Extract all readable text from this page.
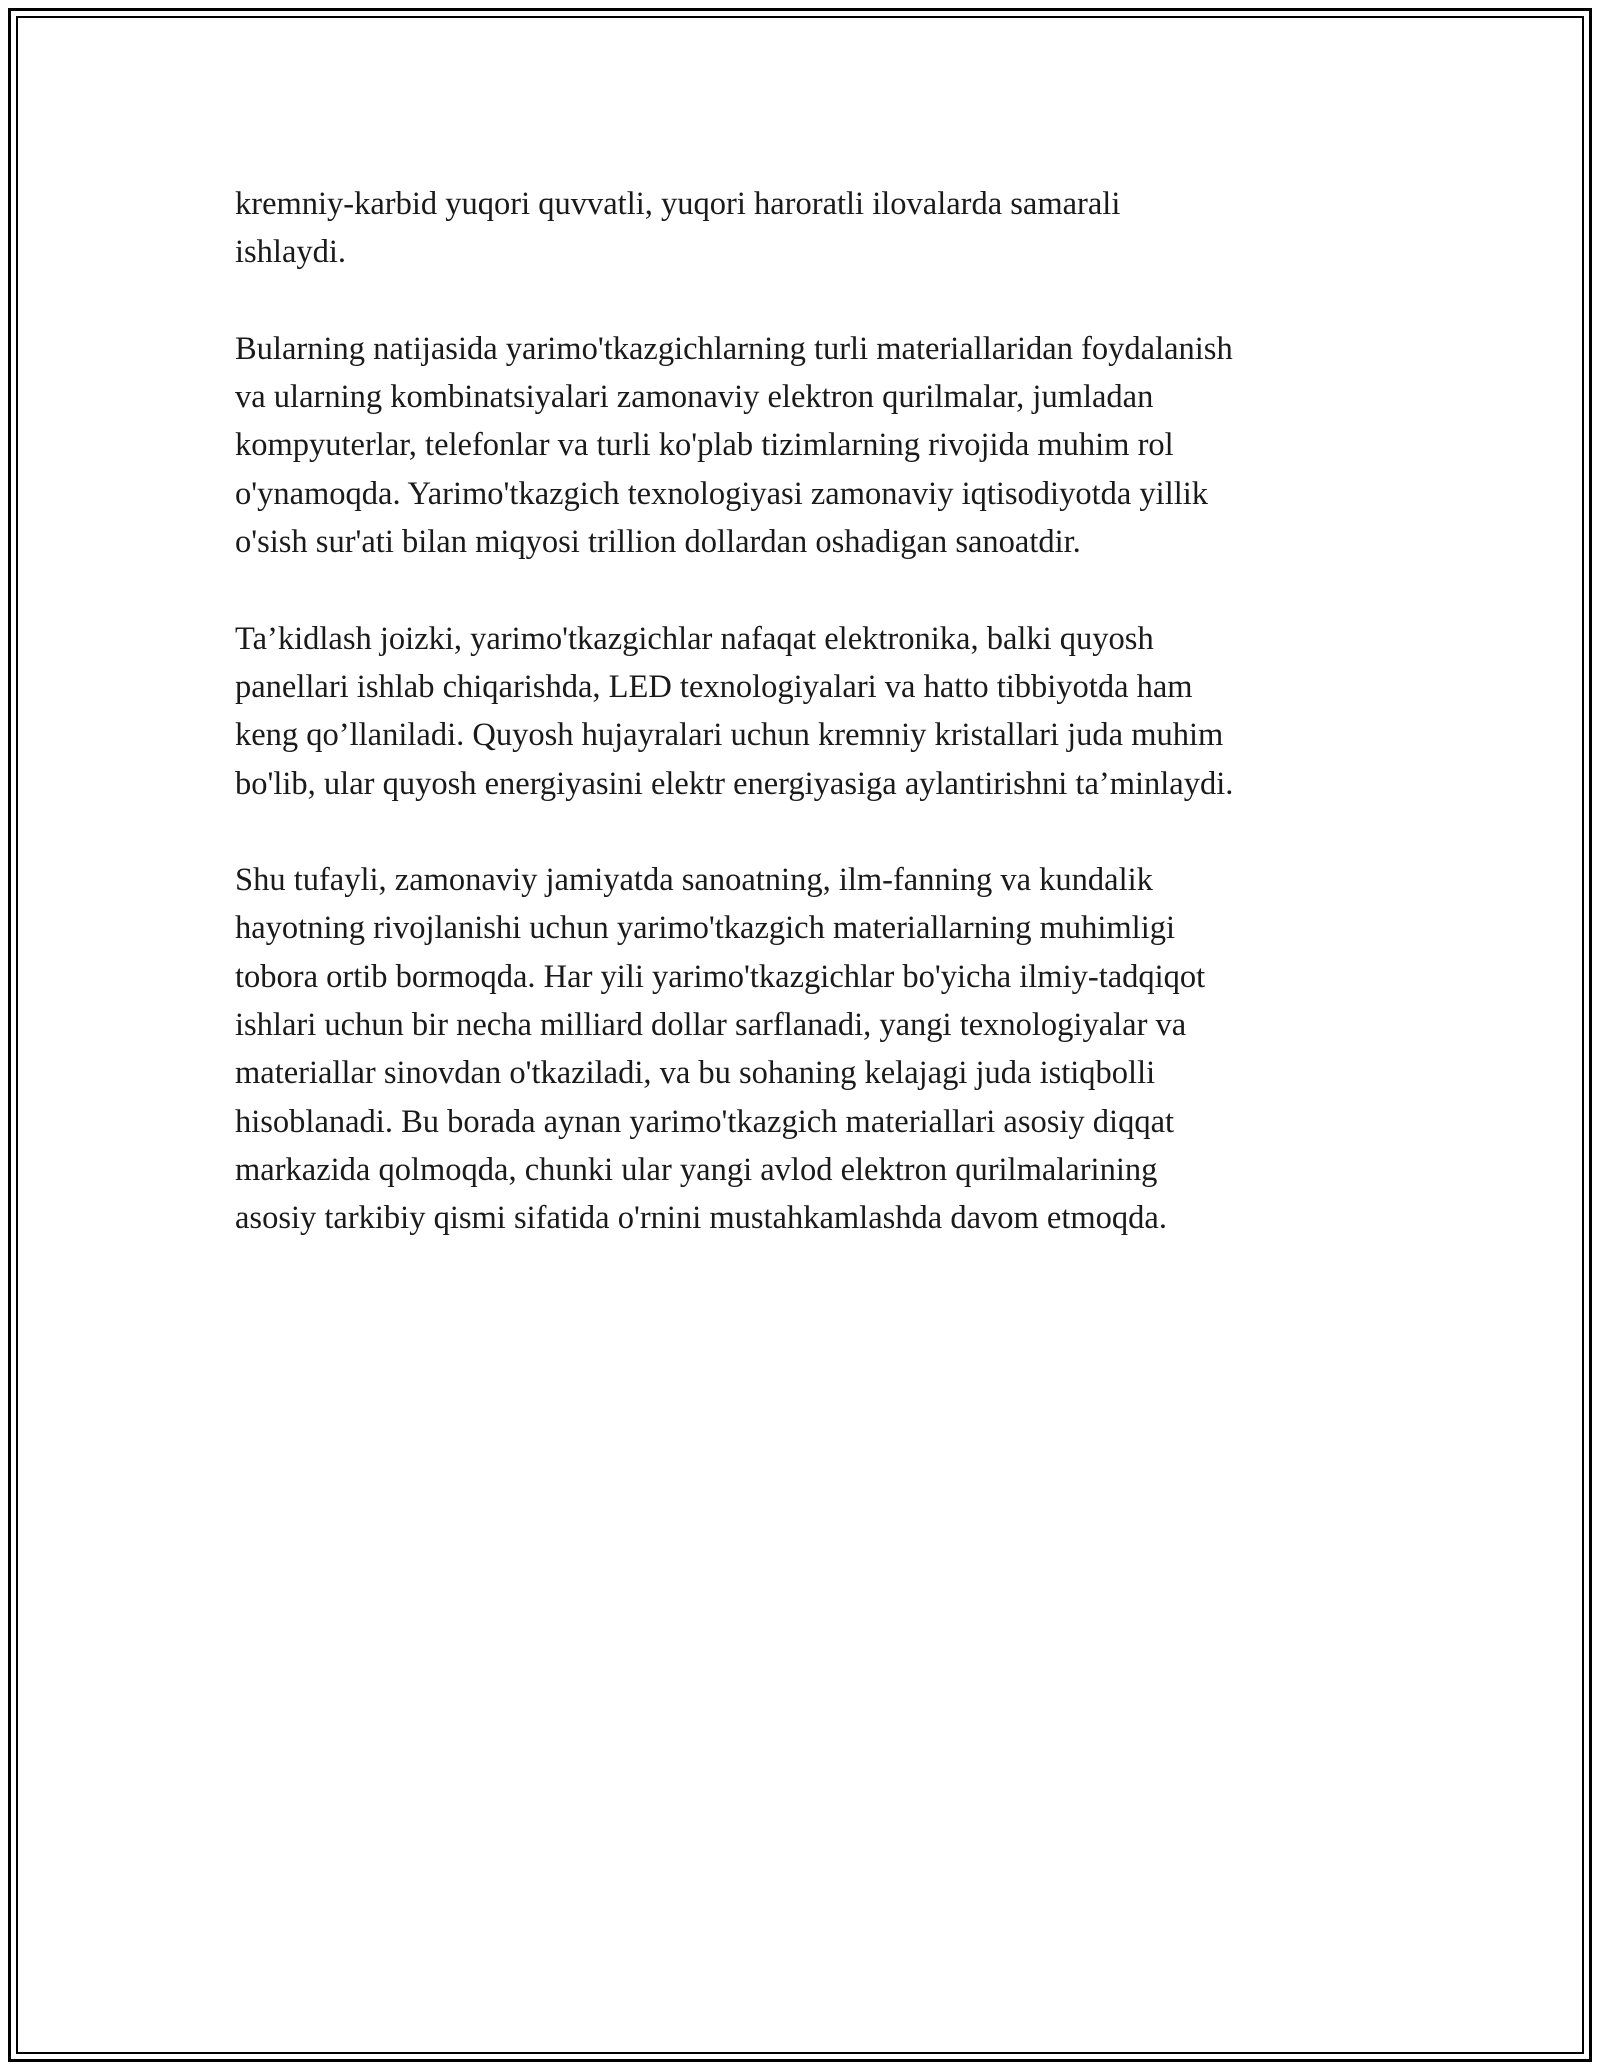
kremniy-karbid yuqori quvvatli, yuqori haroratli ilovalarda samarali
ishlaydi.

Bularning natijasida yarimo'tkazgichlarning turli materiallaridan foydalanish
va ularning kombinatsiyalari zamonaviy elektron qurilmalar, jumladan
kompyuterlar, telefonlar va turli ko'plab tizimlarning rivojida muhim rol
o'ynamoqda. Yarimo'tkazgich texnologiyasi zamonaviy iqtisodiyotda yillik
o'sish sur'ati bilan miqyosi trillion dollardan oshadigan sanoatdir.

Ta’kidlash joizki, yarimo'tkazgichlar nafaqat elektronika, balki quyosh
panellari ishlab chiqarishda, LED texnologiyalari va hatto tibbiyotda ham
keng qo’llaniladi. Quyosh hujayralari uchun kremniy kristallari juda muhim
bo'lib, ular quyosh energiyasini elektr energiyasiga aylantirishni ta’minlaydi.

Shu tufayli, zamonaviy jamiyatda sanoatning, ilm-fanning va kundalik
hayotning rivojlanishi uchun yarimo'tkazgich materiallarning muhimligi
tobora ortib bormoqda. Har yili yarimo'tkazgichlar bo'yicha ilmiy-tadqiqot
ishlari uchun bir necha milliard dollar sarflanadi, yangi texnologiyalar va
materiallar sinovdan o'tkaziladi, va bu sohaning kelajagi juda istiqbolli
hisoblanadi. Bu borada aynan yarimo'tkazgich materiallari asosiy diqqat
markazida qolmoqda, chunki ular yangi avlod elektron qurilmalarining
asosiy tarkibiy qismi sifatida o'rnini mustahkamlashda davom etmoqda.
